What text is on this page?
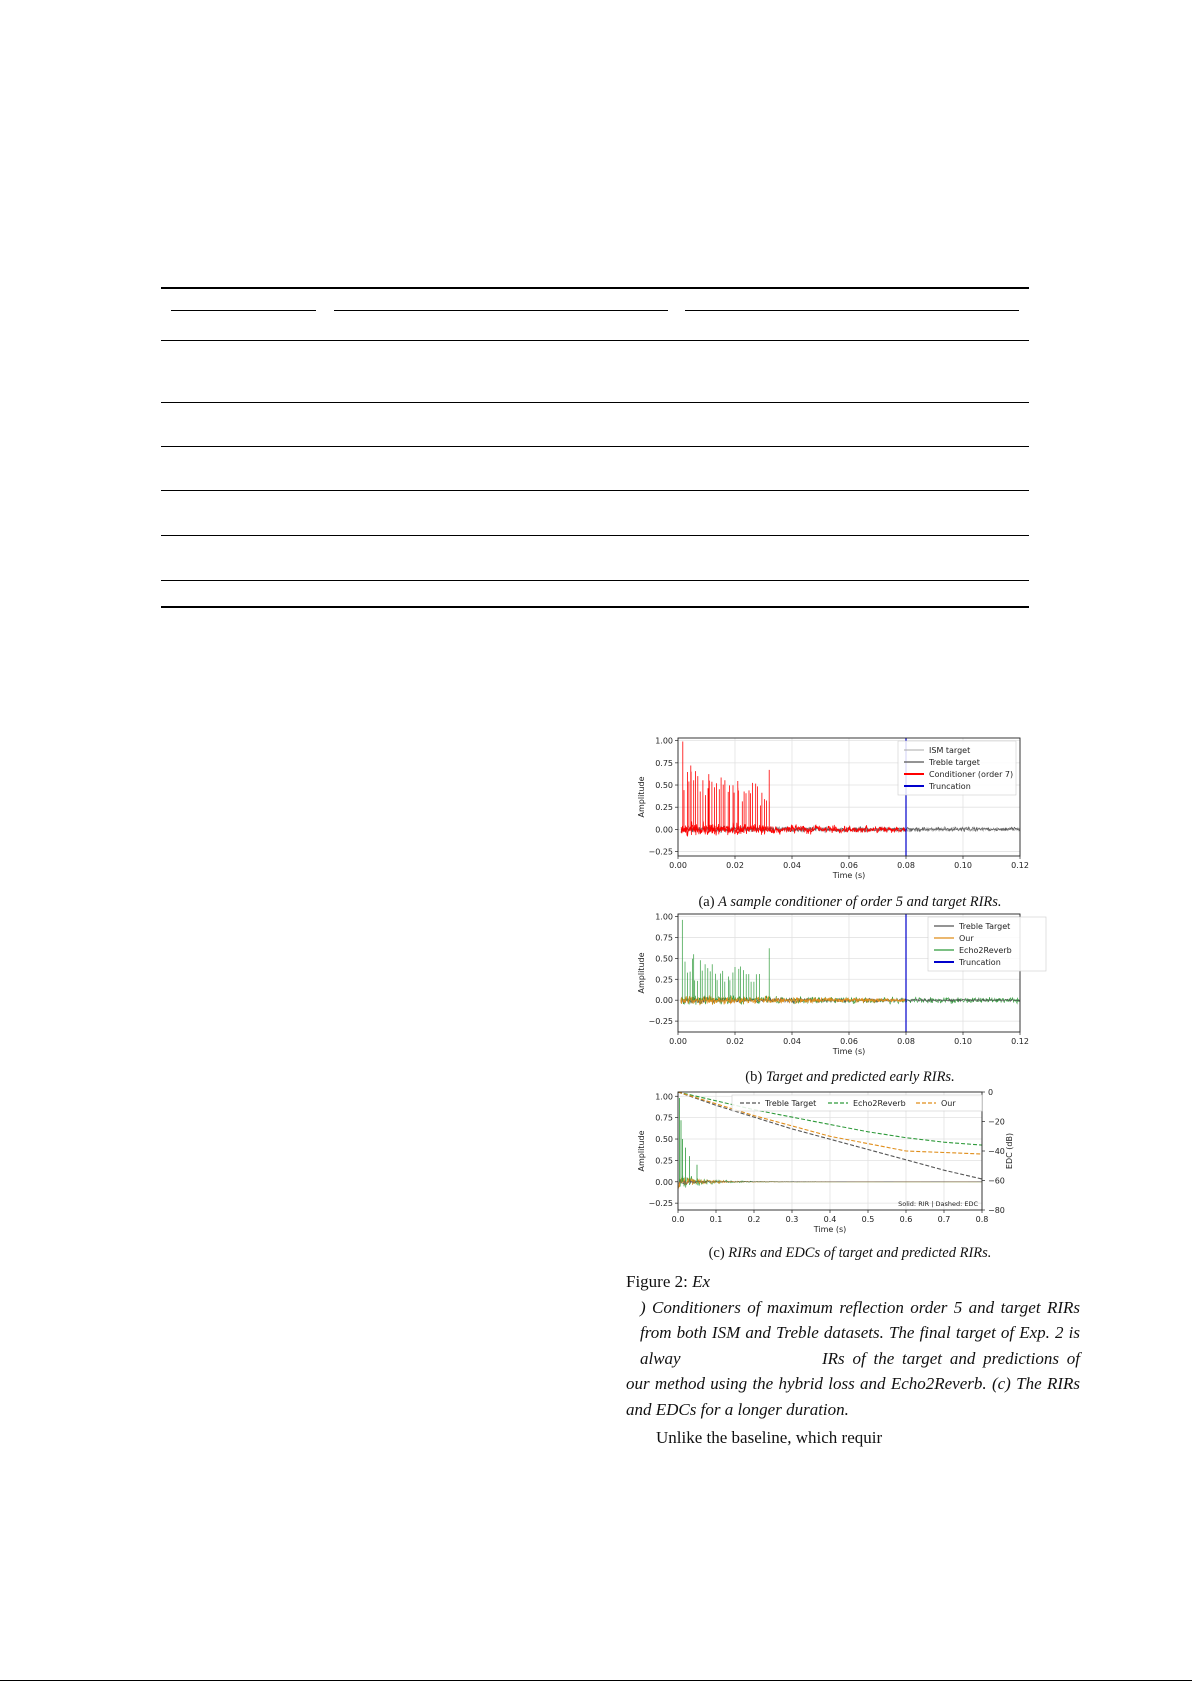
0.00	0.02	0.04	0.06	0.08	0.10	0.12
−0.25
0.00
0.25
0.50
0.75
1.00
Time (s)
Amplitude
ISM target
Treble target
Conditioner (order 7)
Truncation
(a) A sample conditioner of order 5 and target RIRs.
0.00	0.02	0.04	0.06	0.08	0.10	0.12
−0.25
0.00
0.25
0.50
0.75
1.00
Time (s)
Amplitude
Treble Target
Our
Echo2Reverb
Truncation
(b) Target and predicted early RIRs.
0.0	0.1	0.2	0.3	0.4	0.5	0.6	0.7	0.8
−0.25
0.00
0.25
0.50
0.75
1.00
Time (s)
Amplitude
0
−20
−40
−60
−80
EDC (dB)
Treble Target	Echo2Reverb	Our
Solid: RIR | Dashed: EDC
(c) RIRs and EDCs of target and predicted RIRs.
Figure 2: Ex
) Conditioners of maximum reflection order 5 and target RIRs from both ISM and Treble datasets. The final target of Exp. 2 is alway	IRs of the target and predictions of our method using the hybrid loss and Echo2Reverb. (c) The RIRs and EDCs for a longer duration.
Unlike the baseline, which requir
